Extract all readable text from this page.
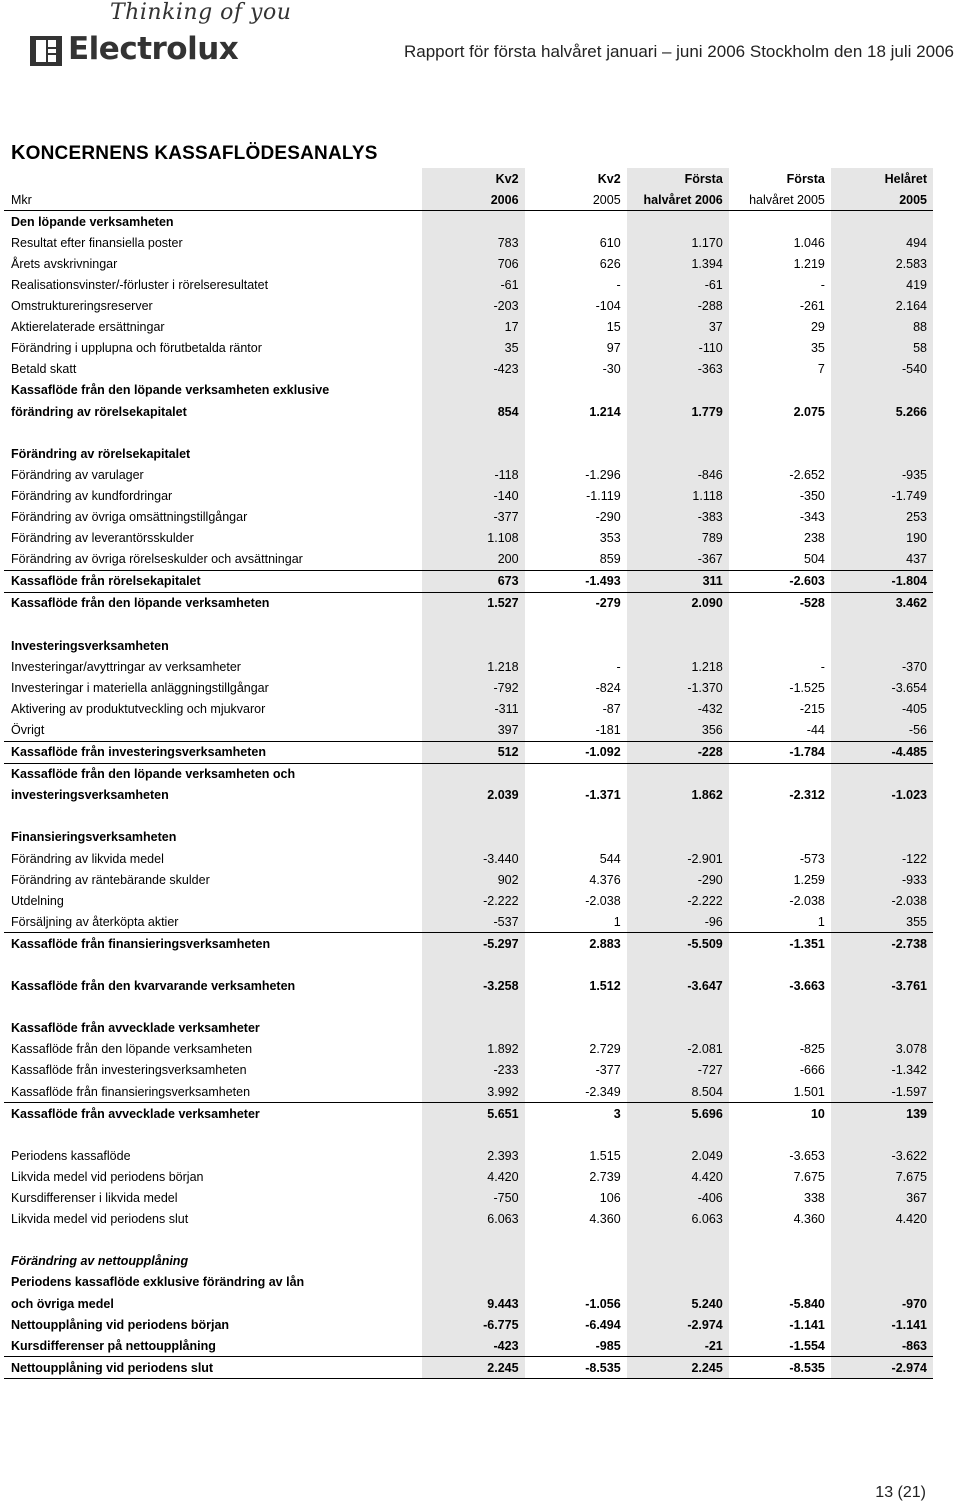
Thinking of you
Electrolux	Rapport för första halvåret januari – juni 2006 Stockholm den 18 juli 2006
KONCERNENS KASSAFLÖDESANALYS
	Kv2	Kv2	Första	Första	Helåret
Mkr	2006	2005	halvåret 2006	halvåret 2005	2005
Den löpande verksamheten					
Resultat efter finansiella poster	783	610	1.170	1.046	494
Årets avskrivningar	706	626	1.394	1.219	2.583
Realisationsvinster/-förluster i rörelseresultatet	-61	-	-61	-	419
Omstruktureringsreserver	-203	-104	-288	-261	2.164
Aktierelaterade ersättningar	17	15	37	29	88
Förändring i upplupna och förutbetalda räntor	35	97	-110	35	58
Betald skatt	-423	-30	-363	7	-540
Kassaflöde från den löpande verksamheten exklusive					
förändring av rörelsekapitalet	854	1.214	1.779	2.075	5.266

Förändring av rörelsekapitalet					
Förändring av varulager	-118	-1.296	-846	-2.652	-935
Förändring av kundfordringar	-140	-1.119	1.118	-350	-1.749
Förändring av övriga omsättningstillgångar	-377	-290	-383	-343	253
Förändring av leverantörsskulder	1.108	353	789	238	190
Förändring av övriga rörelseskulder och avsättningar	200	859	-367	504	437
Kassaflöde från rörelsekapitalet	673	-1.493	311	-2.603	-1.804
Kassaflöde från den löpande verksamheten	1.527	-279	2.090	-528	3.462

Investeringsverksamheten					
Investeringar/avyttringar av verksamheter	1.218	-	1.218	-	-370
Investeringar i materiella anläggningstillgångar	-792	-824	-1.370	-1.525	-3.654
Aktivering av produktutveckling och mjukvaror	-311	-87	-432	-215	-405
Övrigt	397	-181	356	-44	-56
Kassaflöde från investeringsverksamheten	512	-1.092	-228	-1.784	-4.485
Kassaflöde från den löpande verksamheten och					
investeringsverksamheten	2.039	-1.371	1.862	-2.312	-1.023

Finansieringsverksamheten					
Förändring av likvida medel	-3.440	544	-2.901	-573	-122
Förändring av räntebärande skulder	902	4.376	-290	1.259	-933
Utdelning	-2.222	-2.038	-2.222	-2.038	-2.038
Försäljning av återköpta aktier	-537	1	-96	1	355
Kassaflöde från finansieringsverksamheten	-5.297	2.883	-5.509	-1.351	-2.738

Kassaflöde från den kvarvarande verksamheten	-3.258	1.512	-3.647	-3.663	-3.761

Kassaflöde från avvecklade verksamheter					
Kassaflöde från den löpande verksamheten	1.892	2.729	-2.081	-825	3.078
Kassaflöde från investeringsverksamheten	-233	-377	-727	-666	-1.342
Kassaflöde från finansieringsverksamheten	3.992	-2.349	8.504	1.501	-1.597
Kassaflöde från avvecklade verksamheter	5.651	3	5.696	10	139

Periodens kassaflöde	2.393	1.515	2.049	-3.653	-3.622
Likvida medel vid periodens början	4.420	2.739	4.420	7.675	7.675
Kursdifferenser i likvida medel	-750	106	-406	338	367
Likvida medel vid periodens slut	6.063	4.360	6.063	4.360	4.420

Förändring av nettoupplåning					
Periodens kassaflöde exklusive förändring av lån					
och övriga medel	9.443	-1.056	5.240	-5.840	-970
Nettoupplåning vid periodens början	-6.775	-6.494	-2.974	-1.141	-1.141
Kursdifferenser på nettoupplåning	-423	-985	-21	-1.554	-863
Nettoupplåning vid periodens slut	2.245	-8.535	2.245	-8.535	-2.974
13 (21)
